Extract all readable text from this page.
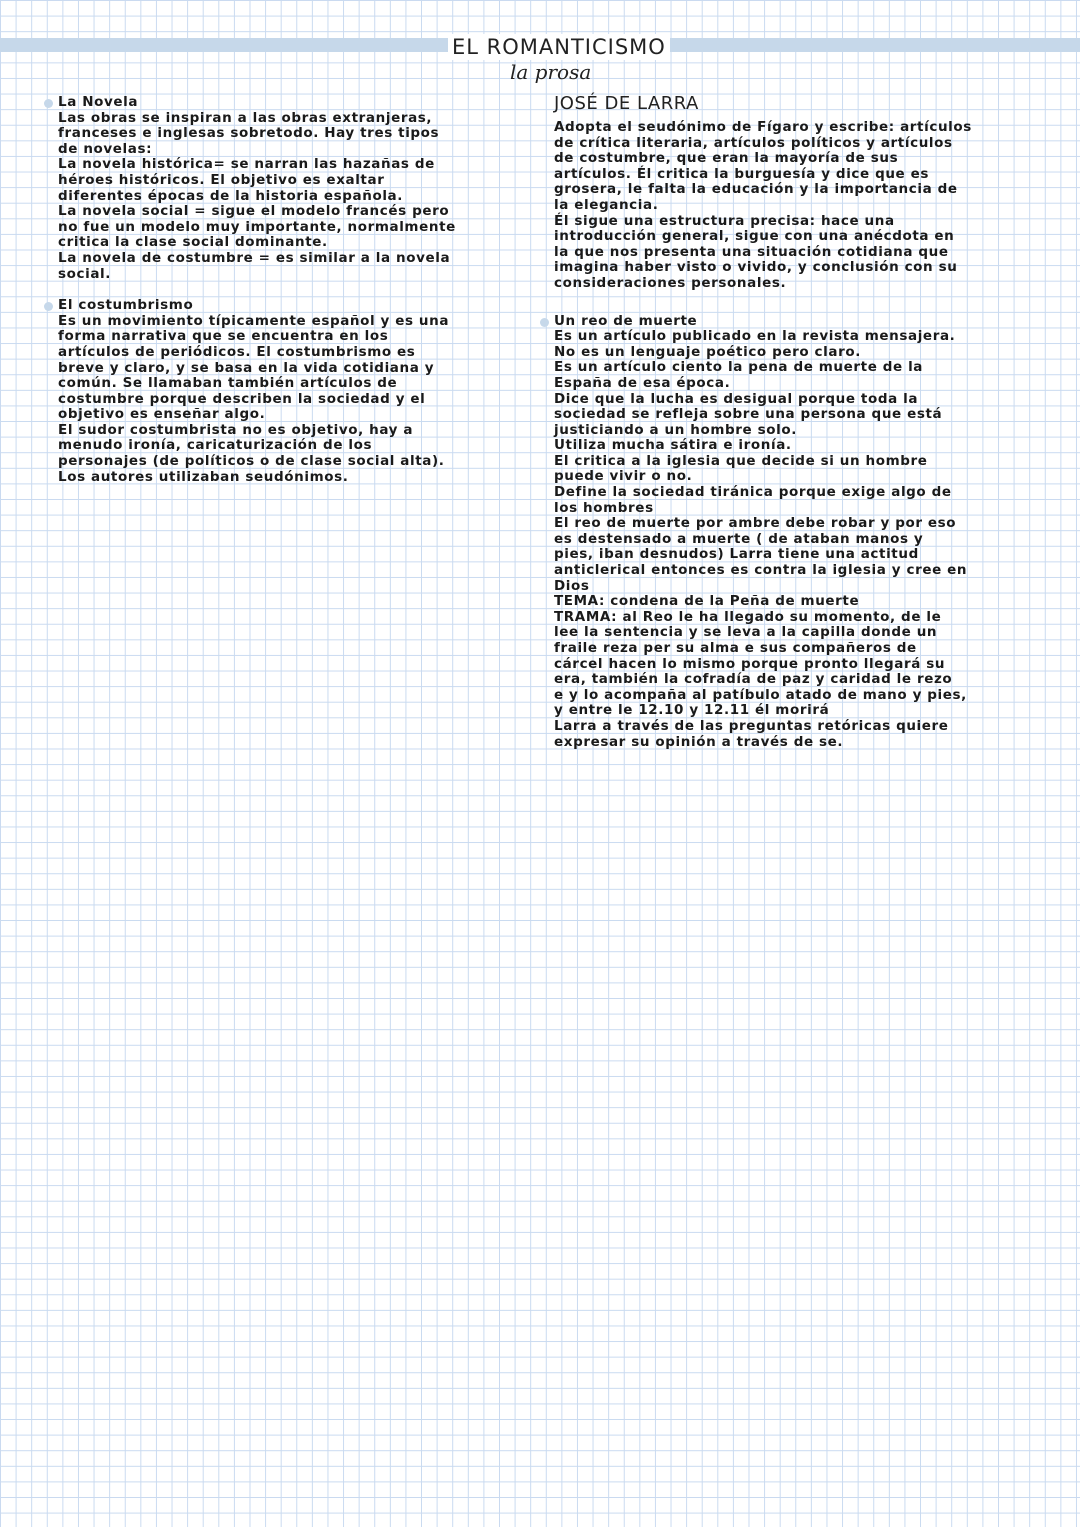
EL ROMANTICISMO
la prosa

La Novela

Las obras se inspiran a las obras extranjeras,

franceses e inglesas sobretodo. Hay tres tipos

de novelas:

La novela histórica= se narran las hazañas de

héroes históricos. El objetivo es exaltar

diferentes épocas de la historia española.

La novela social = sigue el modelo francés pero

no fue un modelo muy importante, normalmente

critica la clase social dominante.

La novela de costumbre = es similar a la novela

social.

El costumbrismo

Es un movimiento típicamente español y es una

forma narrativa que se encuentra en los

artículos de periódicos. El costumbrismo es

breve y claro, y se basa en la vida cotidiana y

común. Se llamaban también artículos de

costumbre porque describen la sociedad y el

objetivo es enseñar algo.

El sudor costumbrista no es objetivo, hay a

menudo ironía, caricaturización de los

personajes (de políticos o de clase social alta).

Los autores utilizaban seudónimos.

JOSÉ DE LARRA

Adopta el seudónimo de Fígaro y escribe: artículos

de crítica literaria, artículos políticos y artículos

de costumbre, que eran la mayoría de sus

artículos. Él critica la burguesía y dice que es

grosera, le falta la educación y la importancia de

la elegancia.

Él sigue una estructura precisa: hace una

introducción general, sigue con una anécdota en

la que nos presenta una situación cotidiana que

imagina haber visto o vivido, y conclusión con su

consideraciones personales.

Un reo de muerte

Es un artículo publicado en la revista mensajera.

No es un lenguaje poético pero claro.

Es un artículo ciento la pena de muerte de la

España de esa época.

Dice que la lucha es desigual porque toda la

sociedad se refleja sobre una persona que está

justiciando a un hombre solo.

Utiliza mucha sátira e ironía.

El critica a la iglesia que decide si un hombre

puede vivir o no.

Define la sociedad tiránica porque exige algo de

los hombres

El reo de muerte por ambre debe robar y por eso

es destensado a muerte ( de ataban manos y

pies, iban desnudos) Larra tiene una actitud

anticlerical entonces es contra la iglesia y cree en

Dios

TEMA: condena de la Peña de muerte

TRAMA: al Reo le ha llegado su momento, de le

lee la sentencia y se leva a la capilla donde un

fraile reza per su alma e sus compañeros de

cárcel hacen lo mismo porque pronto llegará su

era, también la cofradía de paz y caridad le rezo

e y lo acompaña al patíbulo atado de mano y pies,

y entre le 12.10 y 12.11 él morirá

Larra a través de las preguntas retóricas quiere

expresar su opinión a través de se.
